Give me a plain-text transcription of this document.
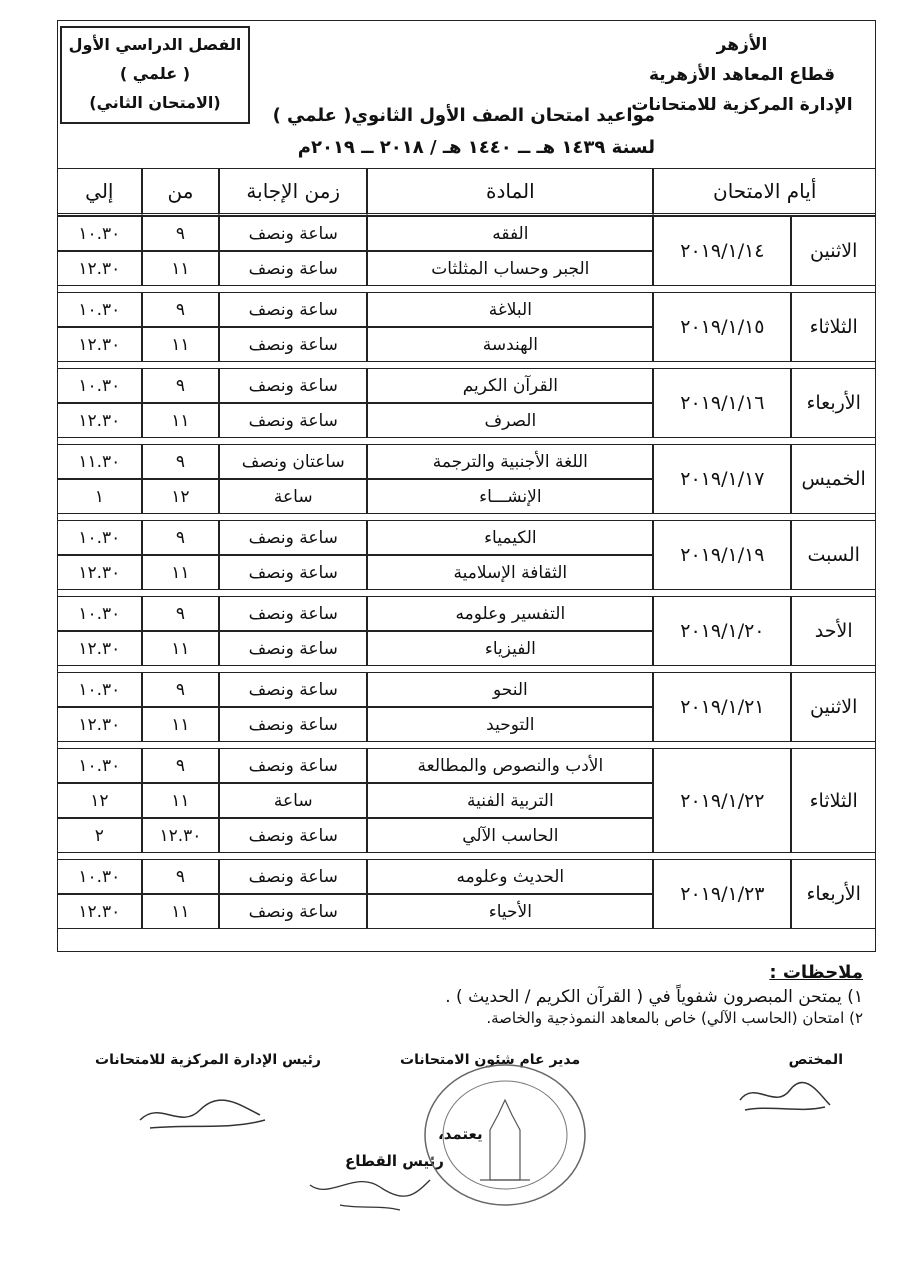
الأزهر
قطاع المعاهد الأزهرية
الإدارة المركزية للامتحانات
الفصل الدراسي الأول
( علمي )
(الامتحان الثاني)
مواعيد امتحان الصف الأول الثانوي( علمي )
لسنة ١٤٣٩ هـ ــ ١٤٤٠ هـ / ٢٠١٨ ــ ٢٠١٩م
أيام الامتحان		المادة	زمن الإجابة	من	إلي
الاثنين	٢٠١٩/١/١٤	الفقه	ساعة ونصف	٩	١٠.٣٠
		الجبر وحساب المثلثات	ساعة ونصف	١١	١٢.٣٠

الثلاثاء	٢٠١٩/١/١٥	البلاغة	ساعة ونصف	٩	١٠.٣٠
		الهندسة	ساعة ونصف	١١	١٢.٣٠

الأربعاء	٢٠١٩/١/١٦	القرآن الكريم	ساعة ونصف	٩	١٠.٣٠
		الصرف	ساعة ونصف	١١	١٢.٣٠

الخميس	٢٠١٩/١/١٧	اللغة الأجنبية والترجمة	ساعتان ونصف	٩	١١.٣٠
		الإنشـــاء	ساعة	١٢	١

السبت	٢٠١٩/١/١٩	الكيمياء	ساعة ونصف	٩	١٠.٣٠
		الثقافة الإسلامية	ساعة ونصف	١١	١٢.٣٠

الأحد	٢٠١٩/١/٢٠	التفسير وعلومه	ساعة ونصف	٩	١٠.٣٠
		الفيزياء	ساعة ونصف	١١	١٢.٣٠

الاثنين	٢٠١٩/١/٢١	النحو	ساعة ونصف	٩	١٠.٣٠
		التوحيد	ساعة ونصف	١١	١٢.٣٠

الثلاثاء	٢٠١٩/١/٢٢	الأدب والنصوص والمطالعة	ساعة ونصف	٩	١٠.٣٠
		التربية الفنية	ساعة	١١	١٢
		الحاسب الآلي	ساعة ونصف	١٢.٣٠	٢

الأربعاء	٢٠١٩/١/٢٣	الحديث وعلومه	ساعة ونصف	٩	١٠.٣٠
		الأحياء	ساعة ونصف	١١	١٢.٣٠
ملاحظات :
١) يمتحن المبصرون شفوياً في ( القرآن الكريم / الحديث ) .
٢) امتحان (الحاسب الآلي) خاص بالمعاهد النموذجية والخاصة.
المختص
مدير عام شئون الامتحانات
رئيس الإدارة المركزية للامتحانات
يعتمد،
رئيس القطاع
